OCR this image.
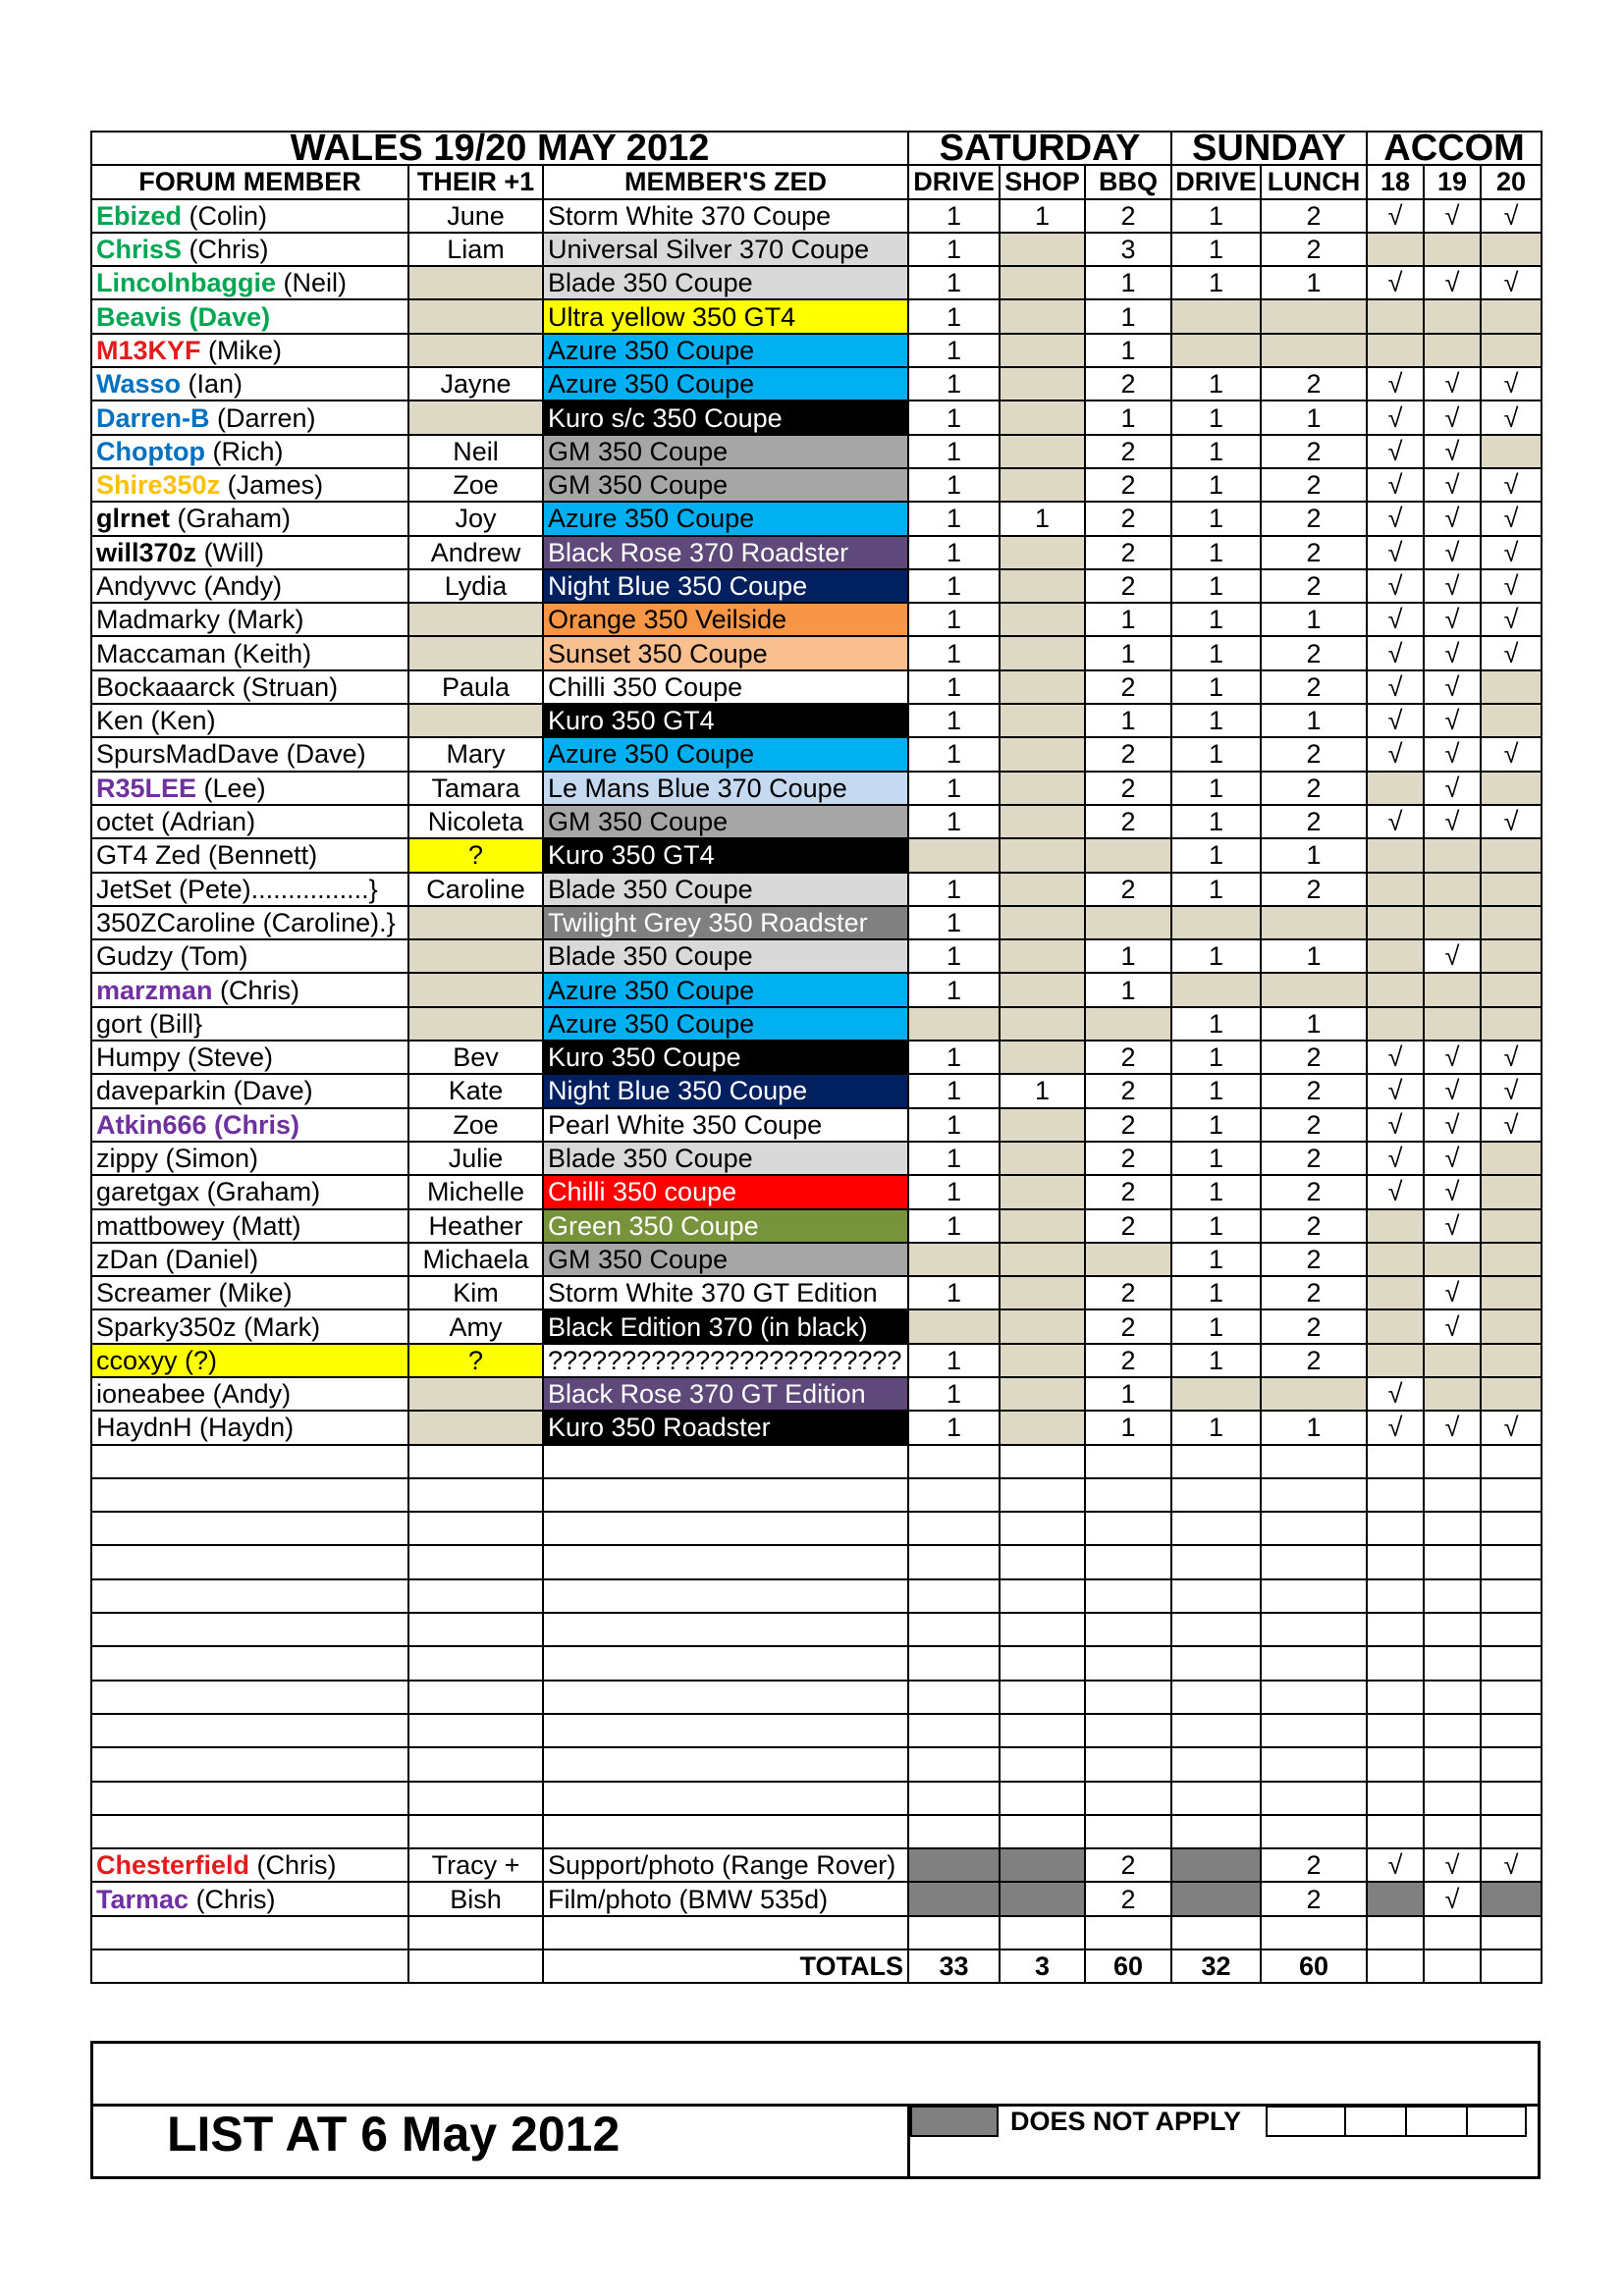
WALES 19/20 MAY 2012			SATURDAY			SUNDAY		ACCOM		
FORUM MEMBER	THEIR +1	MEMBER'S ZED	DRIVE	SHOP	BBQ	DRIVE	LUNCH	18	19	20
Ebized (Colin)	June	Storm White 370 Coupe	1	1	2	1	2	√	√	√
ChrisS (Chris)	Liam	Universal Silver 370 Coupe	1		3	1	2			
Lincolnbaggie (Neil)		Blade 350 Coupe	1		1	1	1	√	√	√
Beavis (Dave)		Ultra yellow 350 GT4	1		1					
M13KYF (Mike)		Azure 350 Coupe	1		1					
Wasso (Ian)	Jayne	Azure 350 Coupe	1		2	1	2	√	√	√
Darren-B (Darren)		Kuro s/c 350 Coupe	1		1	1	1	√	√	√
Choptop (Rich)	Neil	GM 350 Coupe	1		2	1	2	√	√	
Shire350z (James)	Zoe	GM 350 Coupe	1		2	1	2	√	√	√
glrnet (Graham)	Joy	Azure 350 Coupe	1	1	2	1	2	√	√	√
will370z (Will)	Andrew	Black Rose 370 Roadster	1		2	1	2	√	√	√
Andyvvc (Andy)	Lydia	Night Blue 350 Coupe	1		2	1	2	√	√	√
Madmarky (Mark)		Orange 350 Veilside	1		1	1	1	√	√	√
Maccaman (Keith)		Sunset 350 Coupe	1		1	1	2	√	√	√
Bockaaarck (Struan)	Paula	Chilli 350 Coupe	1		2	1	2	√	√	
Ken (Ken)		Kuro 350 GT4	1		1	1	1	√	√	
SpursMadDave (Dave)	Mary	Azure 350 Coupe	1		2	1	2	√	√	√
R35LEE (Lee)	Tamara	Le Mans Blue 370 Coupe	1		2	1	2		√	
octet (Adrian)	Nicoleta	GM 350 Coupe	1		2	1	2	√	√	√
GT4 Zed (Bennett)	?	Kuro 350 GT4				1	1			
JetSet (Pete)................}	Caroline	Blade 350 Coupe	1		2	1	2			
350ZCaroline (Caroline).}		Twilight Grey 350 Roadster	1							
Gudzy (Tom)		Blade 350 Coupe	1		1	1	1		√	
marzman (Chris)		Azure 350 Coupe	1		1					
gort (Bill}		Azure 350 Coupe				1	1			
Humpy (Steve)	Bev	Kuro 350 Coupe	1		2	1	2	√	√	√
daveparkin (Dave)	Kate	Night Blue 350 Coupe	1	1	2	1	2	√	√	√
Atkin666 (Chris)	Zoe	Pearl White 350 Coupe	1		2	1	2	√	√	√
zippy (Simon)	Julie	Blade 350 Coupe	1		2	1	2	√	√	
garetgax (Graham)	Michelle	Chilli 350 coupe	1		2	1	2	√	√	
mattbowey (Matt)	Heather	Green 350 Coupe	1		2	1	2		√	
zDan (Daniel)	Michaela	GM 350 Coupe				1	2			
Screamer (Mike)	Kim	Storm White 370 GT Edition	1		2	1	2		√	
Sparky350z (Mark)	Amy	Black Edition 370 (in black)			2	1	2		√	
ccoxyy (?)	?	????????????????????????	1		2	1	2			
ioneabee (Andy)		Black Rose 370 GT Edition	1		1			√		
HaydnH (Haydn)		Kuro 350 Roadster	1		1	1	1	√	√	√

Chesterfield (Chris)	Tracy +	Support/photo (Range Rover)			2		2	√	√	√
Tarmac (Chris)	Bish	Film/photo (BMW 535d)			2		2		√	

		TOTALS	33	3	60	32	60			
LIST AT 6 May 2012	DOES NOT APPLY
